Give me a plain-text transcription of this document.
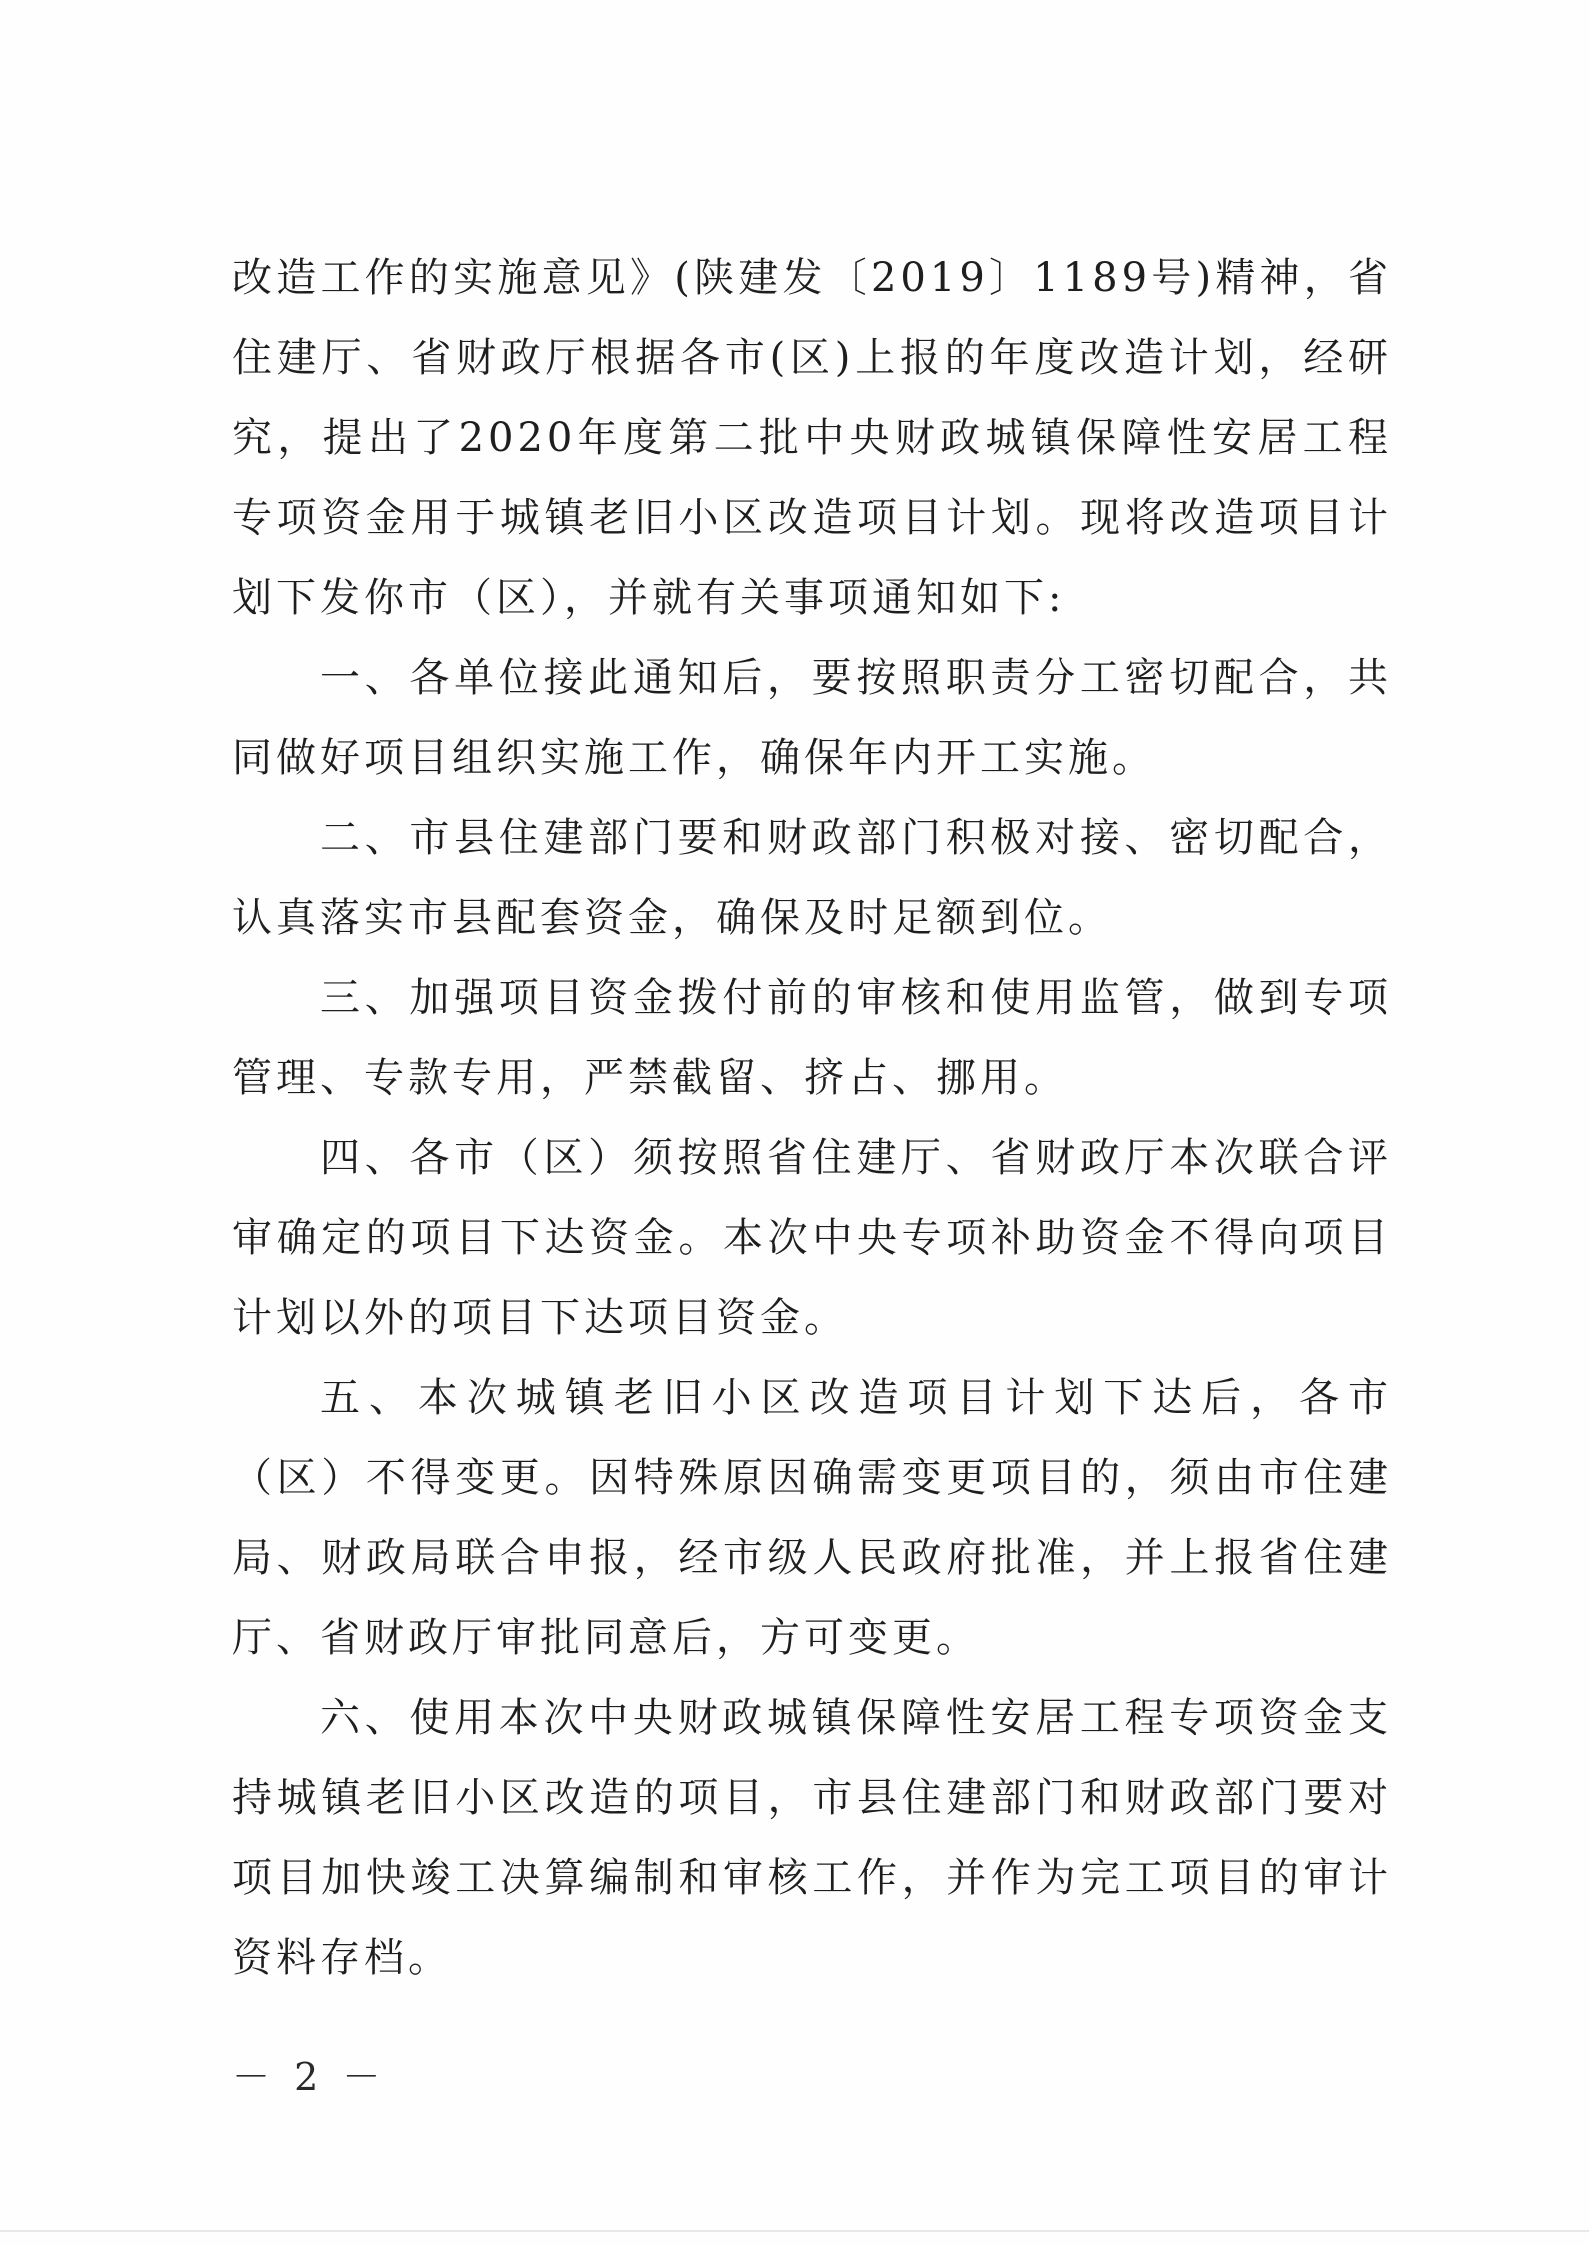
改造工作的实施意见》(陕建发〔2019〕1189号)精神，省住建厅、省财政厅根据各市(区)上报的年度改造计划，经研究，提出了2020年度第二批中央财政城镇保障性安居工程专项资金用于城镇老旧小区改造项目计划。现将改造项目计划下发你市（区），并就有关事项通知如下:

一、各单位接此通知后，要按照职责分工密切配合，共同做好项目组织实施工作，确保年内开工实施。

二、市县住建部门要和财政部门积极对接、密切配合，认真落实市县配套资金，确保及时足额到位。

三、加强项目资金拨付前的审核和使用监管，做到专项管理、专款专用，严禁截留、挤占、挪用。

四、各市（区）须按照省住建厅、省财政厅本次联合评审确定的项目下达资金。本次中央专项补助资金不得向项目计划以外的项目下达项目资金。

五、本次城镇老旧小区改造项目计划下达后，各市（区）不得变更。因特殊原因确需变更项目的，须由市住建局、财政局联合申报，经市级人民政府批准，并上报省住建厅、省财政厅审批同意后，方可变更。

六、使用本次中央财政城镇保障性安居工程专项资金支持城镇老旧小区改造的项目，市县住建部门和财政部门要对项目加快竣工决算编制和审核工作，并作为完工项目的审计资料存档。

－ 2 －
